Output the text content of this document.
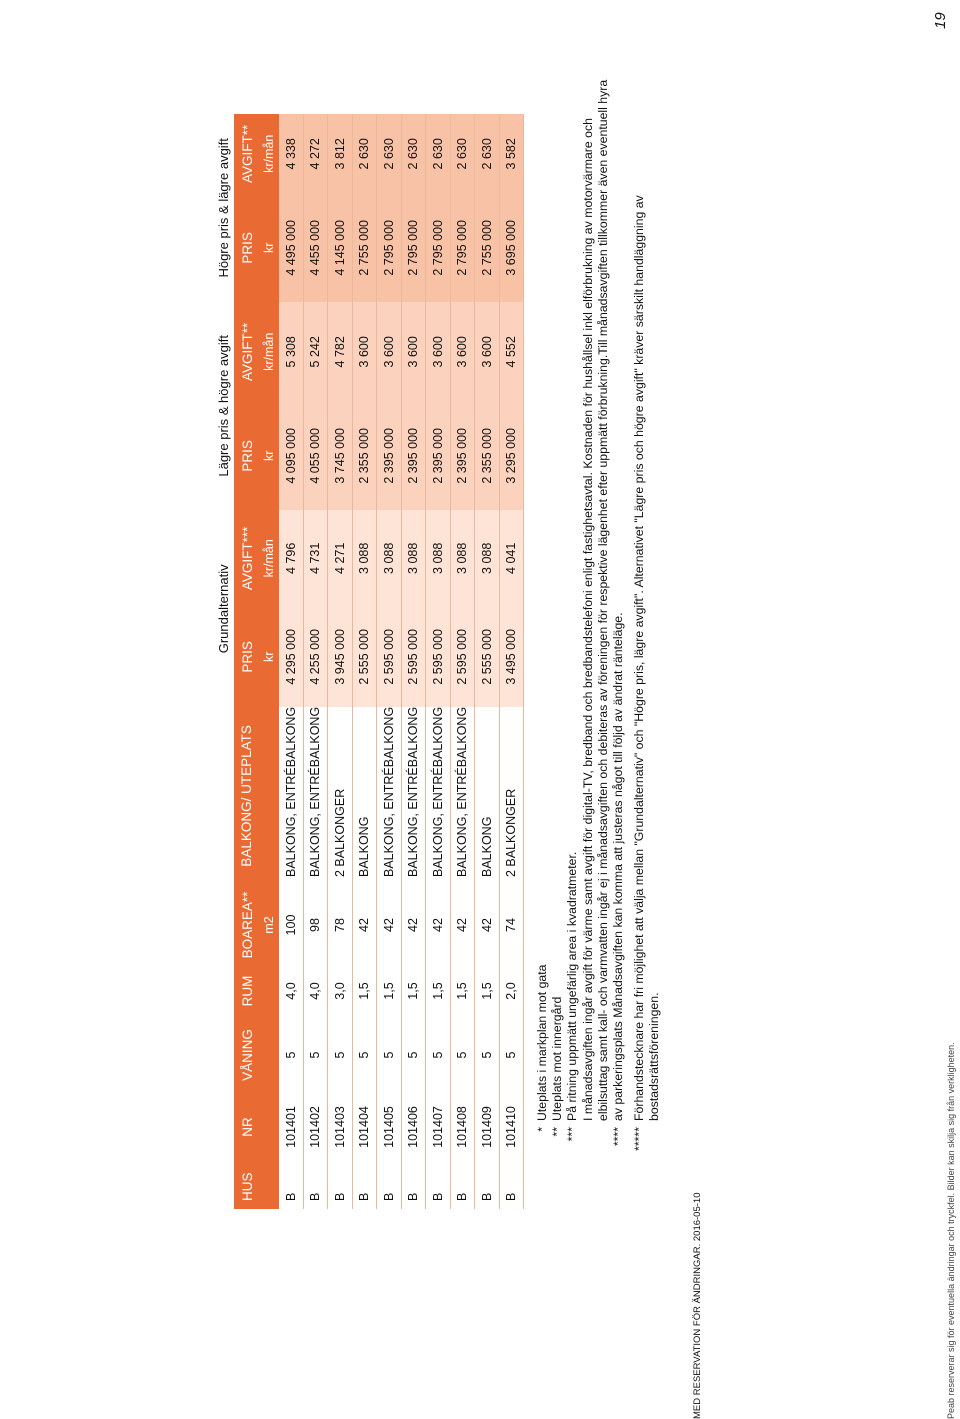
						Grundalternativ		Lägre pris & högre avgift		Högre pris & lägre avgift	
HUS	NR	VÅNING	RUM	BOAREA**	BALKONG/ UTEPLATS	PRIS	AVGIFT***	PRIS	AVGIFT**	PRIS	AVGIFT**
				m2		kr	kr/mån	kr	kr/mån	kr	kr/mån
B	101401	5	4,0	100	BALKONG, ENTRÉBALKONG	4 295 000	4 796	4 095 000	5 308	4 495 000	4 338
B	101402	5	4,0	98	BALKONG, ENTRÉBALKONG	4 255 000	4 731	4 055 000	5 242	4 455 000	4 272
B	101403	5	3,0	78	2 BALKONGER	3 945 000	4 271	3 745 000	4 782	4 145 000	3 812
B	101404	5	1,5	42	BALKONG	2 555 000	3 088	2 355 000	3 600	2 755 000	2 630
B	101405	5	1,5	42	BALKONG, ENTRÉBALKONG	2 595 000	3 088	2 395 000	3 600	2 795 000	2 630
B	101406	5	1,5	42	BALKONG, ENTRÉBALKONG	2 595 000	3 088	2 395 000	3 600	2 795 000	2 630
B	101407	5	1,5	42	BALKONG, ENTRÉBALKONG	2 595 000	3 088	2 395 000	3 600	2 795 000	2 630
B	101408	5	1,5	42	BALKONG, ENTRÉBALKONG	2 595 000	3 088	2 395 000	3 600	2 795 000	2 630
B	101409	5	1,5	42	BALKONG	2 555 000	3 088	2 355 000	3 600	2 755 000	2 630
B	101410	5	2,0	74	2 BALKONGER	3 495 000	4 041	3 295 000	4 552	3 695 000	3 582
*
Uteplats i markplan mot gata
**
Uteplats mot innergård
***
På ritning uppmätt ungefärlig area i kvadratmeter.
****
I månadsavgiften ingår avgift för värme samt avgift för digital-TV, bredband och bredbandstelefoni enligt fastighetsavtal. Kostnaden för hushållsel inkl elförbrukning av motorvärmare och elbilsuttag samt kall- och varmvatten ingår ej i månadsavgiften och debiteras av föreningen för respektive lägenhet efter uppmätt förbrukning.Till månadsavgiften tillkommer även eventuell hyra av parkeringsplats Månadsavgiften kan komma att justeras något till följd av ändrat ränteläge.
*****
Förhandstecknare har fri möjlighet att välja mellan "Grundalternativ" och "Högre pris, lägre avgift". Alternativet "Lägre pris och högre avgift" kräver särskilt handläggning av bostadsrättsföreningen.
MED RESERVATION FÖR ÄNDRINGAR. 2016-05-10	Peab reserverar sig för eventuella ändringar och tryckfel. Bilder kan skilja sig från verkligheten.
19
